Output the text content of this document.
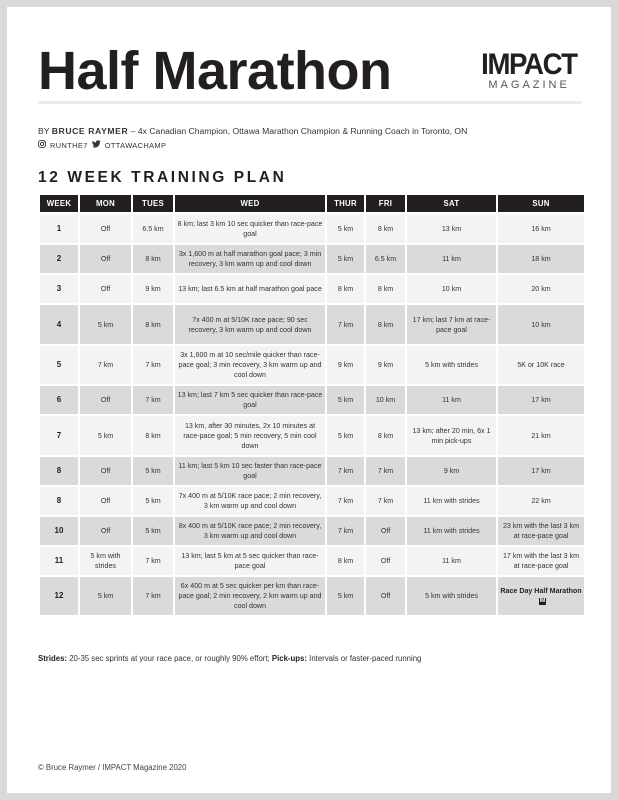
Half Marathon	IMPACT
MAGAZINE
BY BRUCE RAYMER – 4x Canadian Champion, Ottawa Marathon Champion & Running Coach in Toronto, ON
RUNTHE7 OTTAWACHAMP
12 WEEK TRAINING PLAN
WEEK	MON	TUES	WED	THUR	FRI	SAT	SUN
1	Off	6.5 km	8 km; last 3 km 10 sec quicker than race-pace goal	5 km	8 km	13 km	16 km
2	Off	8 km	3x 1,600 m at half marathon goal pace; 3 min recovery, 3 km warm up and cool down	5 km	6.5 km	11 km	18 km
3	Off	9 km	13 km; last 6.5 km at half marathon goal pace	8 km	8 km	10 km	20 km
4	5 km	8 km	7x 400 m at 5/10K race pace; 90 sec recovery, 3 km warm up and cool down	7 km	8 km	17 km; last 7 km at race-pace goal	10 km
5	7 km	7 km	3x 1,600 m at 10 sec/mile quicker than race-pace goal; 3 min recovery, 3 km warm up and cool down	9 km	9 km	5 km with strides	5K or 10K race
6	Off	7 km	13 km; last 7 km 5 sec quicker than race-pace goal	5 km	10 km	11 km	17 km
7	5 km	8 km	13 km, after 30 minutes, 2x 10 minutes at race-pace goal; 5 min recovery, 5 min cool down	5 km	8 km	13 km; after 20 min, 6x 1 min pick-ups	21 km
8	Off	5 km	11 km; last 5 km 10 sec faster than race-pace goal	7 km	7 km	9 km	17 km
8	Off	5 km	7x 400 m at 5/10K race pace; 2 min recovery, 3 km warm up and cool down	7 km	7 km	11 km with strides	22 km
10	Off	5 km	8x 400 m at 5/10K race pace; 2 min recovery, 3 km warm up and cool down	7 km	Off	11 km with strides	23 km with the last 3 km at race-pace goal
11	5 km with strides	7 km	13 km; last 5 km at 5 sec quicker than race-pace goal	8 km	Off	11 km	17 km with the last 3 km at race-pace goal
12	5 km	7 km	6x 400 m at 5 sec quicker per km than race-pace goal; 2 min recovery, 2 km warm up and cool down	5 km	Off	5 km with strides	Race Day Half MarathonIM
Strides: 20-35 sec sprints at your race pace, or roughly 90% effort; Pick-ups: Intervals or faster-paced running
© Bruce Raymer / IMPACT Magazine 2020
